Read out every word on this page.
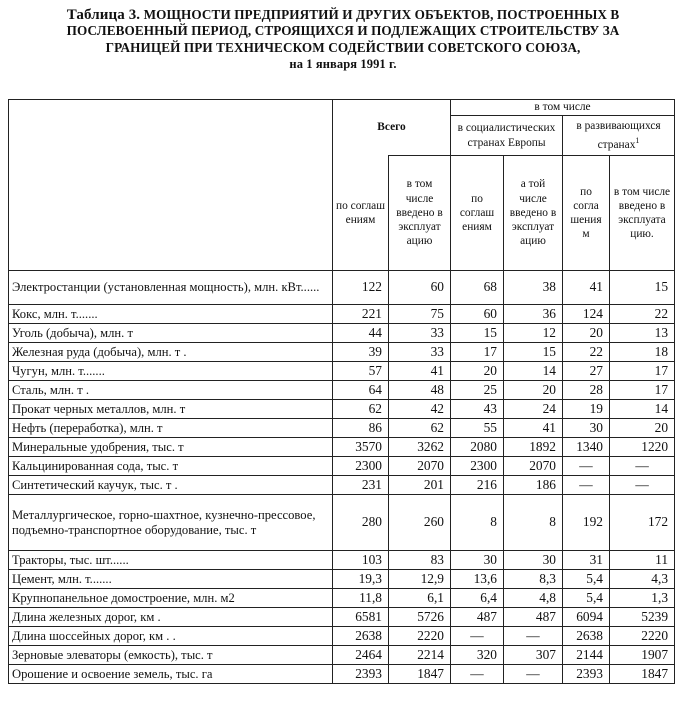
Таблица 3. МОЩНОСТИ ПРЕДПРИЯТИЙ И ДРУГИХ ОБЪЕКТОВ, ПОСТРОЕННЫХ В
ПОСЛЕВОЕННЫЙ ПЕРИОД, СТРОЯЩИХСЯ И ПОДЛЕЖАЩИХ СТРОИТЕЛЬСТВУ ЗА
ГРАНИЦЕЙ ПРИ ТЕХНИЧЕСКОМ СОДЕЙСТВИИ СОВЕТСКОГО СОЮЗА,
на 1 января 1991 г.
	Всего		в том числе			
			в социалистических странах Европы		в развивающихся странах$^1$
	по соглаш ениям	в том числе введено в эксплуат ацию	по соглаш ениям	а той числе введено в эксплуат ацию	по согла шения м	в том числе введено в эксплуата цию.
Электростанции (установленная мощность), млн. кВт......	122	60	68	38	41	15
Кокс, млн. т.......	221	75	60	36	124	22
Уголь (добыча), млн. т	44	33	15	12	20	13
Железная руда (добыча), млн. т .	39	33	17	15	22	18
Чугун, млн. т.......	57	41	20	14	27	17
Сталь, млн. т .	64	48	25	20	28	17
Прокат черных металлов, млн. т	62	42	43	24	19	14
Нефть (переработка), млн. т	86	62	55	41	30	20
Минеральные удобрения, тыс. т	3570	3262	2080	1892	1340	1220
Кальцинированная сода, тыс. т	2300	2070	2300	2070	—	—
Синтетический каучук, тыс. т .	231	201	216	186	—	—
Металлургическое, горно-шахтное, кузнечно-прессовое, подъемно-транспортное оборудование, тыс. т	280	260	8	8	192	172
Тракторы, тыс. шт......	103	83	30	30	31	11
Цемент, млн. т.......	19,3	12,9	13,6	8,3	5,4	4,3
Крупнопанельное домостроение, млн. м2	11,8	6,1	6,4	4,8	5,4	1,3
Длина железных дорог, км .	6581	5726	487	487	6094	5239
Длина шоссейных дорог, км . .	2638	2220	—	—	2638	2220
Зерновые элеваторы (емкость), тыс. т	2464	2214	320	307	2144	1907
Орошение и освоение земель, тыс. га	2393	1847	—	—	2393	1847
